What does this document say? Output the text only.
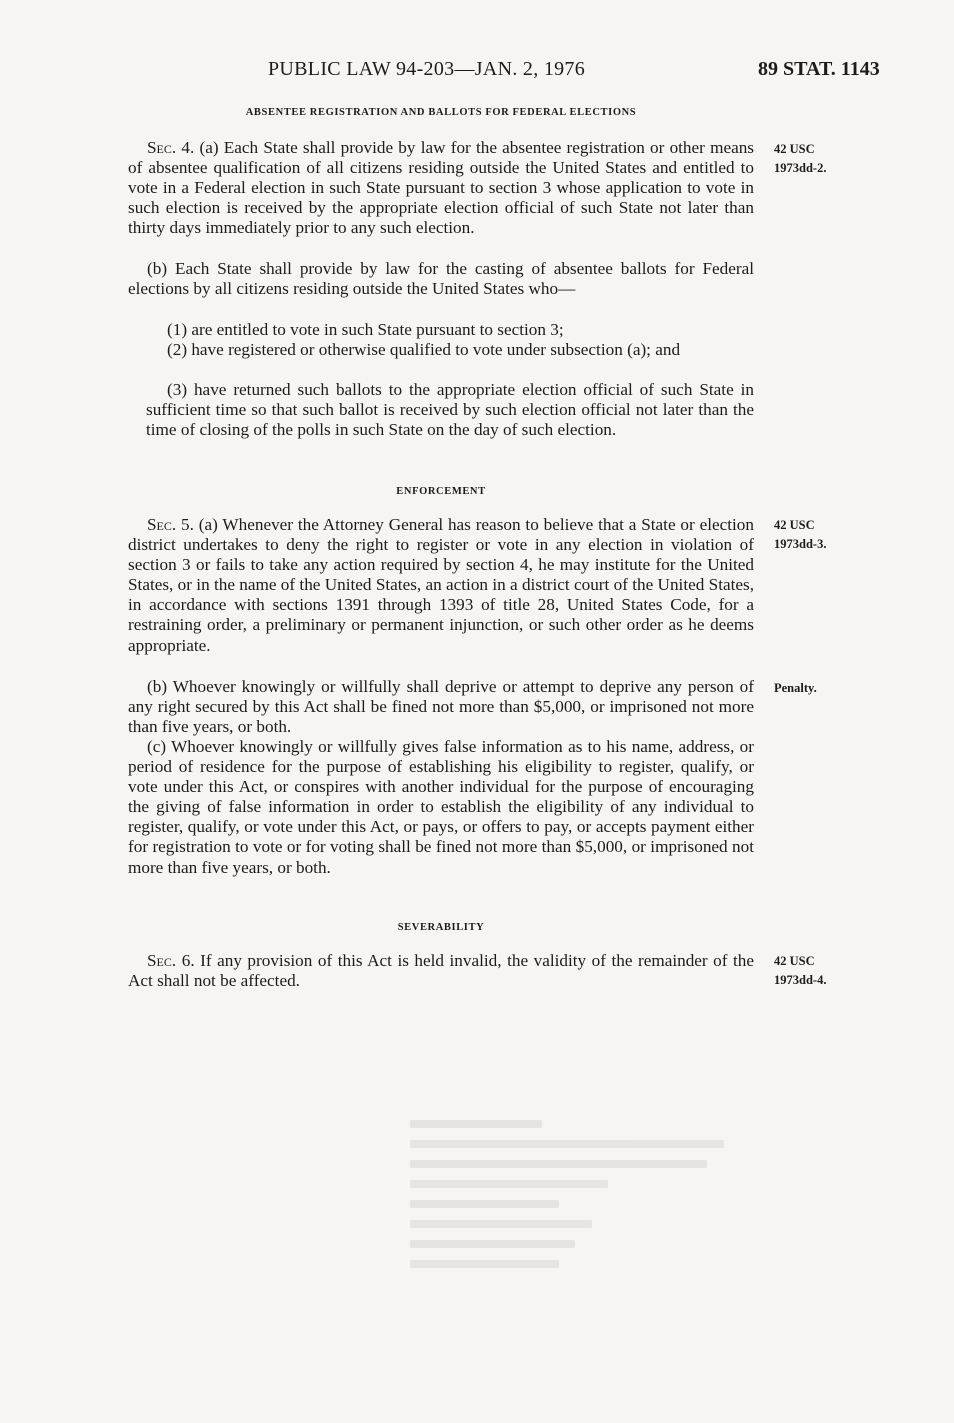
PUBLIC LAW 94-203—JAN. 2, 1976	89 STAT. 1143
ABSENTEE REGISTRATION AND BALLOTS FOR FEDERAL ELECTIONS

Sec. 4. (a) Each State shall provide by law for the absentee registration or other means of absentee qualification of all citizens residing outside the United States and entitled to vote in a Federal election in such State pursuant to section 3 whose application to vote in such election is received by the appropriate election official of such State not later than thirty days immediately prior to any such election.

42 USC
1973dd-2.

(b) Each State shall provide by law for the casting of absentee ballots for Federal elections by all citizens residing outside the United States who—

(1) are entitled to vote in such State pursuant to section 3;

(2) have registered or otherwise qualified to vote under subsection (a); and

(3) have returned such ballots to the appropriate election official of such State in sufficient time so that such ballot is received by such election official not later than the time of closing of the polls in such State on the day of such election.

ENFORCEMENT

Sec. 5. (a) Whenever the Attorney General has reason to believe that a State or election district undertakes to deny the right to register or vote in any election in violation of section 3 or fails to take any action required by section 4, he may institute for the United States, or in the name of the United States, an action in a district court of the United States, in accordance with sections 1391 through 1393 of title 28, United States Code, for a restraining order, a preliminary or permanent injunction, or such other order as he deems appropriate.

42 USC
1973dd-3.

(b) Whoever knowingly or willfully shall deprive or attempt to deprive any person of any right secured by this Act shall be fined not more than $5,000, or imprisoned not more than five years, or both.

Penalty.

(c) Whoever knowingly or willfully gives false information as to his name, address, or period of residence for the purpose of establishing his eligibility to register, qualify, or vote under this Act, or conspires with another individual for the purpose of encouraging the giving of false information in order to establish the eligibility of any individual to register, qualify, or vote under this Act, or pays, or offers to pay, or accepts payment either for registration to vote or for voting shall be fined not more than $5,000, or imprisoned not more than five years, or both.

SEVERABILITY

Sec. 6. If any provision of this Act is held invalid, the validity of the remainder of the Act shall not be affected.

42 USC
1973dd-4.
